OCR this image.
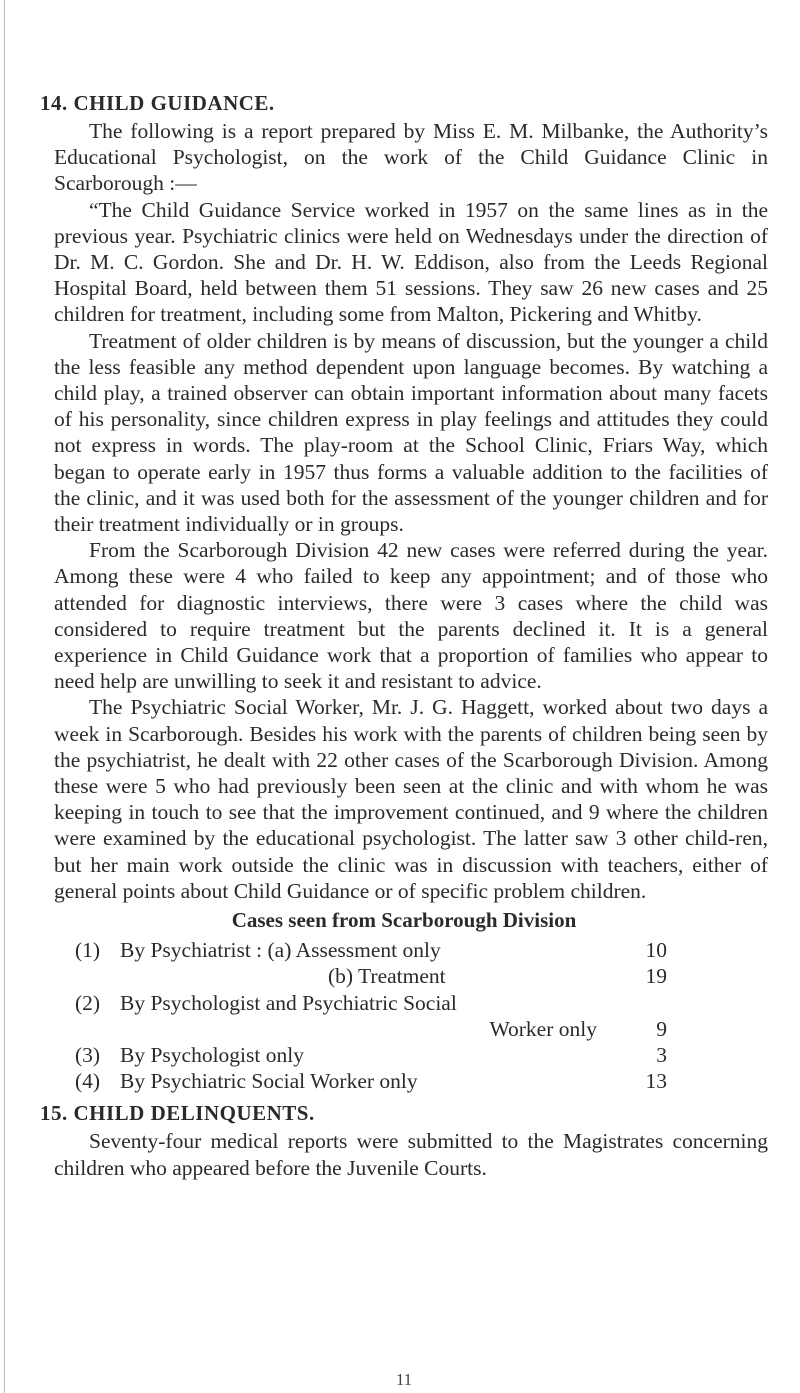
14. CHILD GUIDANCE.

The following is a report prepared by Miss E. M. Milbanke, the Authority’s Educational Psychologist, on the work of the Child Guidance Clinic in Scarborough :—

“The Child Guidance Service worked in 1957 on the same lines as in the previous year. Psychiatric clinics were held on Wednesdays under the direction of Dr. M. C. Gordon. She and Dr. H. W. Eddison, also from the Leeds Regional Hospital Board, held between them 51 sessions. They saw 26 new cases and 25 children for treatment, including some from Malton, Pickering and Whitby.

Treatment of older children is by means of discussion, but the younger a child the less feasible any method dependent upon language becomes. By watching a child play, a trained observer can obtain important information about many facets of his personality, since children express in play feelings and attitudes they could not express in words. The play-room at the School Clinic, Friars Way, which began to operate early in 1957 thus forms a valuable addition to the facilities of the clinic, and it was used both for the assessment of the younger children and for their treatment individually or in groups.

From the Scarborough Division 42 new cases were referred during the year. Among these were 4 who failed to keep any appointment; and of those who attended for diagnostic interviews, there were 3 cases where the child was considered to require treatment but the parents declined it. It is a general experience in Child Guidance work that a proportion of families who appear to need help are unwilling to seek it and resistant to advice.

The Psychiatric Social Worker, Mr. J. G. Haggett, worked about two days a week in Scarborough. Besides his work with the parents of children being seen by the psychiatrist, he dealt with 22 other cases of the Scarborough Division. Among these were 5 who had previously been seen at the clinic and with whom he was keeping in touch to see that the improvement continued, and 9 where the children were examined by the educational psychologist. The latter saw 3 other child-ren, but her main work outside the clinic was in discussion with teachers, either of general points about Child Guidance or of specific problem children.

Cases seen from Scarborough Division
(1)	By Psychiatrist : (a) Assessment only	10
	(b) Treatment	19
(2)	By Psychologist and Psychiatric Social	
	Worker only	9
(3)	By Psychologist only	3
(4)	By Psychiatric Social Worker only	13
15. CHILD DELINQUENTS.

Seventy-four medical reports were submitted to the Magistrates concerning children who appeared before the Juvenile Courts.

11
